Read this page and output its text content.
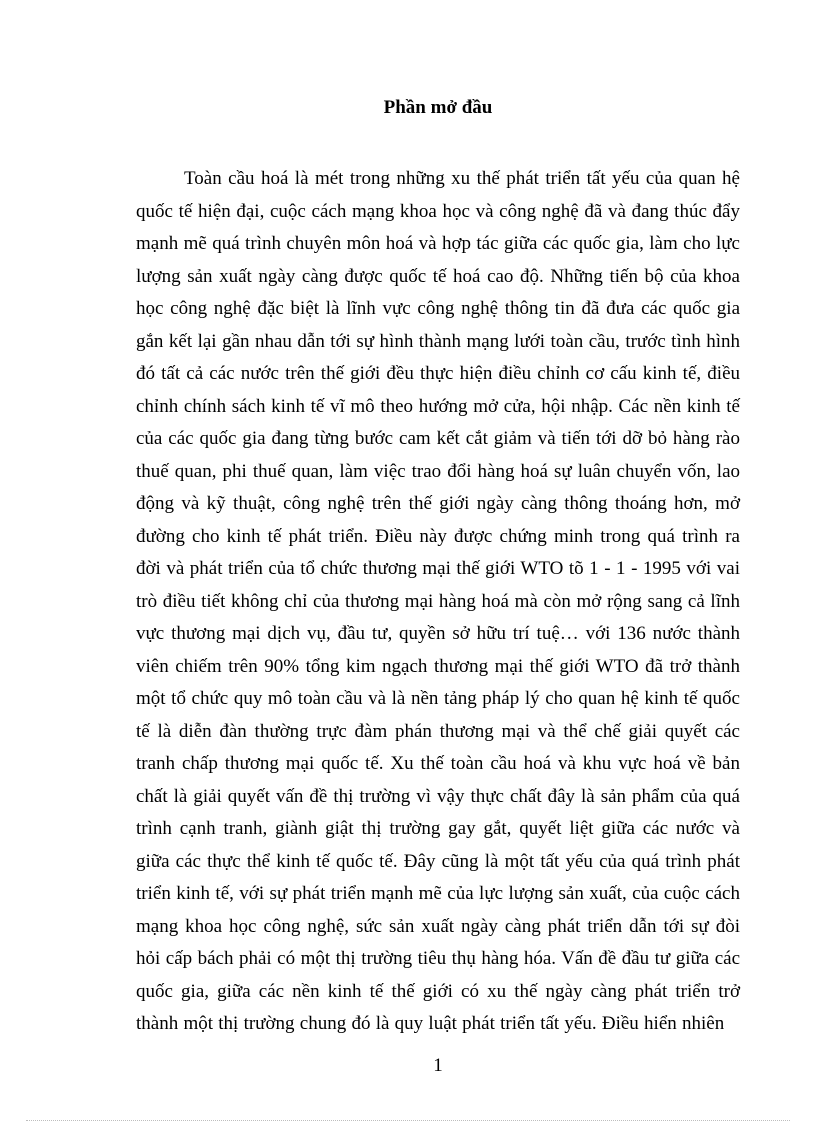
Phần mở đầu

Toàn cầu hoá là mét trong những xu thế phát triển tất yếu của quan hệ quốc tế hiện đại, cuộc cách mạng khoa học và công nghệ đã và đang thúc đẩy mạnh mẽ quá trình chuyên môn hoá và hợp tác giữa các quốc gia, làm cho lực lượng sản xuất ngày càng được quốc tế hoá cao độ. Những tiến bộ của khoa học công nghệ đặc biệt là lĩnh vực công nghệ thông tin đã đưa các quốc gia gắn kết lại gần nhau dẫn tới sự hình thành mạng lưới toàn cầu, trước tình hình đó tất cả các nước trên thế giới đều thực hiện điều chỉnh cơ cấu kinh tế, điều chỉnh chính sách kinh tế vĩ mô theo hướng mở cửa, hội nhập. Các nền kinh tế của các quốc gia đang từng bước cam kết cắt giảm và tiến tới dỡ bỏ hàng rào thuế quan, phi thuế quan, làm việc trao đổi hàng hoá sự luân chuyển vốn, lao động và kỹ thuật, công nghệ trên thế giới ngày càng thông thoáng hơn, mở đường cho kinh tế phát triển. Điều này được chứng minh trong quá trình ra đời và phát triển của tổ chức thương mại thế giới WTO tõ 1 - 1 - 1995 với vai trò điều tiết không chỉ của thương mại hàng hoá mà còn mở rộng sang cả lĩnh vực thương mại dịch vụ, đầu tư, quyền sở hữu trí tuệ… với 136 nước thành viên chiếm trên 90% tổng kim ngạch thương mại thế giới WTO đã trở thành một tổ chức quy mô toàn cầu và là nền tảng pháp lý cho quan hệ kinh tế quốc tế là diễn đàn thường trực đàm phán thương mại và thể chế giải quyết các tranh chấp thương mại quốc tế. Xu thế toàn cầu hoá và khu vực hoá về bản chất là giải quyết vấn đề thị trường vì vậy thực chất đây là sản phẩm của quá trình cạnh tranh, giành giật thị trường gay gắt, quyết liệt giữa các nước và giữa các thực thể kinh tế quốc tế. Đây cũng là một tất yếu của quá trình phát triển kinh tế, với sự phát triển mạnh mẽ của lực lượng sản xuất, của cuộc cách mạng khoa học công nghệ, sức sản xuất ngày càng phát triển dẫn tới sự đòi hỏi cấp bách phải có một thị trường tiêu thụ hàng hóa. Vấn đề đầu tư giữa các quốc gia, giữa các nền kinh tế thế giới có xu thế ngày càng phát triển trở thành một thị trường chung đó là quy luật phát triển tất yếu. Điều hiển nhiên

1
